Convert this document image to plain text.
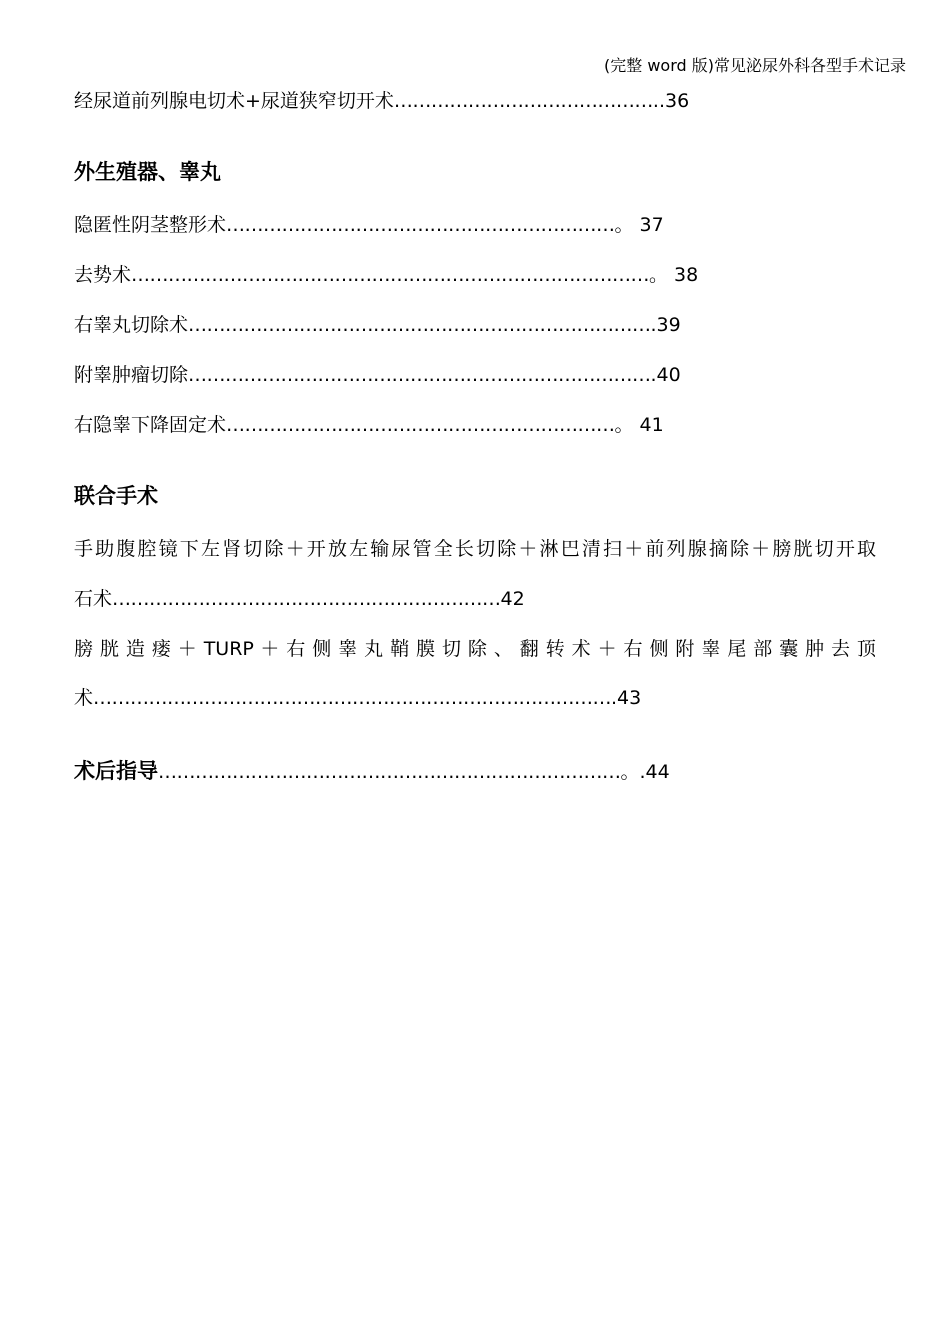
(完整 word 版)常见泌尿外科各型手术记录
经尿道前列腺电切术+尿道狭窄切开术……………………………………..36
外生殖器、睾丸
隐匿性阴茎整形术………………………………………………………。 37
去势术…………………………………………………………………………。 38
右睾丸切除术………………………………………………………………….39
附睾肿瘤切除………………………………………………………………….40
右隐睾下降固定术………………………………………………………。 41
联合手术
手助腹腔镜下左肾切除＋开放左输尿管全长切除＋淋巴清扫＋前列腺摘除＋膀胱切开取
石术………………………………………………………42
膀 胱 造 瘘 ＋ TURP ＋ 右 侧 睾 丸 鞘 膜 切 除 、 翻 转 术 ＋ 右 侧 附 睾 尾 部 囊 肿 去 顶
术………………………………………………………………………….43
术后指导…………………………………………………………………。.44
